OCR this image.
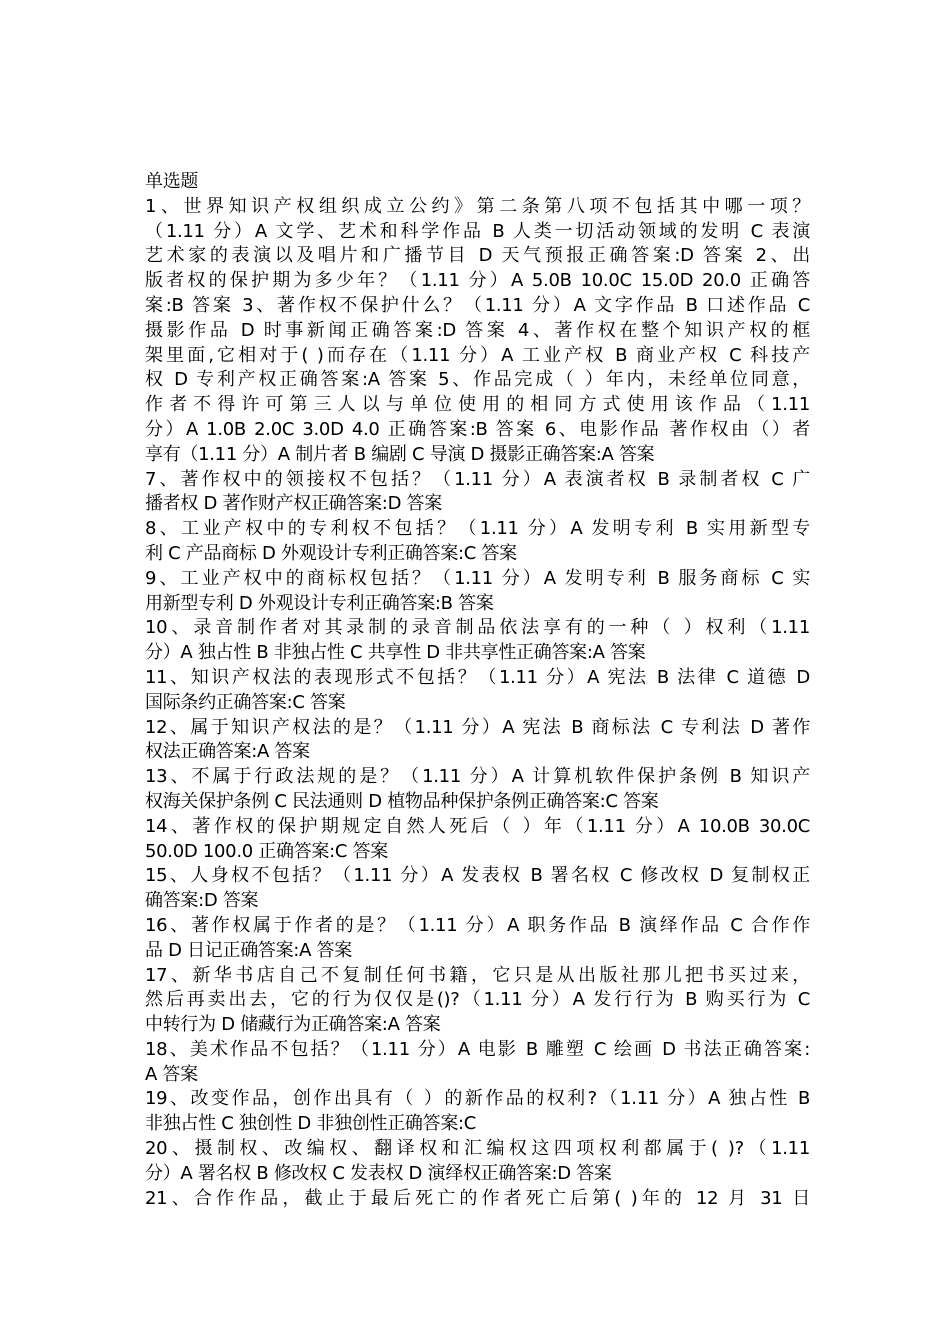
单选题
1、世界知识产权组织成立公约》第二条第八项不包括其中哪一项？
（1.11 分）A 文学、艺术和科学作品 B 人类一切活动领域的发明 C 表演
艺术家的表演以及唱片和广播节目 D 天气预报正确答案:D 答案 2、出
版者权的保护期为多少年？（1.11 分）A 5.0B 10.0C 15.0D 20.0 正确答
案:B 答案 3、著作权不保护什么？（1.11 分）A 文字作品 B 口述作品 C
摄影作品 D 时事新闻正确答案:D 答案 4、著作权在整个知识产权的框
架里面,它相对于( )而存在（1.11 分）A 工业产权 B 商业产权 C 科技产
权 D 专利产权正确答案:A 答案 5、作品完成（ ）年内，未经单位同意，
作者不得许可第三人以与单位使用的相同方式使用该作品（1.11
分）A 1.0B 2.0C 3.0D 4.0 正确答案:B 答案 6、电影作品 著作权由（）者
享有（1.11 分）A 制片者 B 编剧 C 导演 D 摄影正确答案:A 答案
7、著作权中的领接权不包括？（1.11 分）A 表演者权 B 录制者权 C 广
播者权 D 著作财产权正确答案:D 答案
8、工业产权中的专利权不包括？（1.11 分）A 发明专利 B 实用新型专
利 C 产品商标 D 外观设计专利正确答案:C 答案
9、工业产权中的商标权包括？（1.11 分）A 发明专利 B 服务商标 C 实
用新型专利 D 外观设计专利正确答案:B 答案
10、录音制作者对其录制的录音制品依法享有的一种（ ）权利（1.11
分）A 独占性 B 非独占性 C 共享性 D 非共享性正确答案:A 答案
11、知识产权法的表现形式不包括？（1.11 分）A 宪法 B 法律 C 道德 D
国际条约正确答案:C 答案
12、属于知识产权法的是？（1.11 分）A 宪法 B 商标法 C 专利法 D 著作
权法正确答案:A 答案
13、不属于行政法规的是？（1.11 分）A 计算机软件保护条例 B 知识产
权海关保护条例 C 民法通则 D 植物品种保护条例正确答案:C 答案
14、著作权的保护期规定自然人死后（ ）年（1.11 分）A 10.0B 30.0C
50.0D 100.0 正确答案:C 答案
15、人身权不包括？（1.11 分）A 发表权 B 署名权 C 修改权 D 复制权正
确答案:D 答案
16、著作权属于作者的是？（1.11 分）A 职务作品 B 演绎作品 C 合作作
品 D 日记正确答案:A 答案
17、新华书店自己不复制任何书籍，它只是从出版社那儿把书买过来，
然后再卖出去，它的行为仅仅是()?（1.11 分）A 发行行为 B 购买行为 C
中转行为 D 储藏行为正确答案:A 答案
18、美术作品不包括？（1.11 分）A 电影 B 雕塑 C 绘画 D 书法正确答案:
A 答案
19、改变作品，创作出具有（ ）的新作品的权利?（1.11 分）A 独占性 B
非独占性 C 独创性 D 非独创性正确答案:C
20、摄制权、改编权、翻译权和汇编权这四项权利都属于( )?（1.11
分）A 署名权 B 修改权 C 发表权 D 演绎权正确答案:D 答案
21、合作作品，截止于最后死亡的作者死亡后第( )年的 12 月 31 日
